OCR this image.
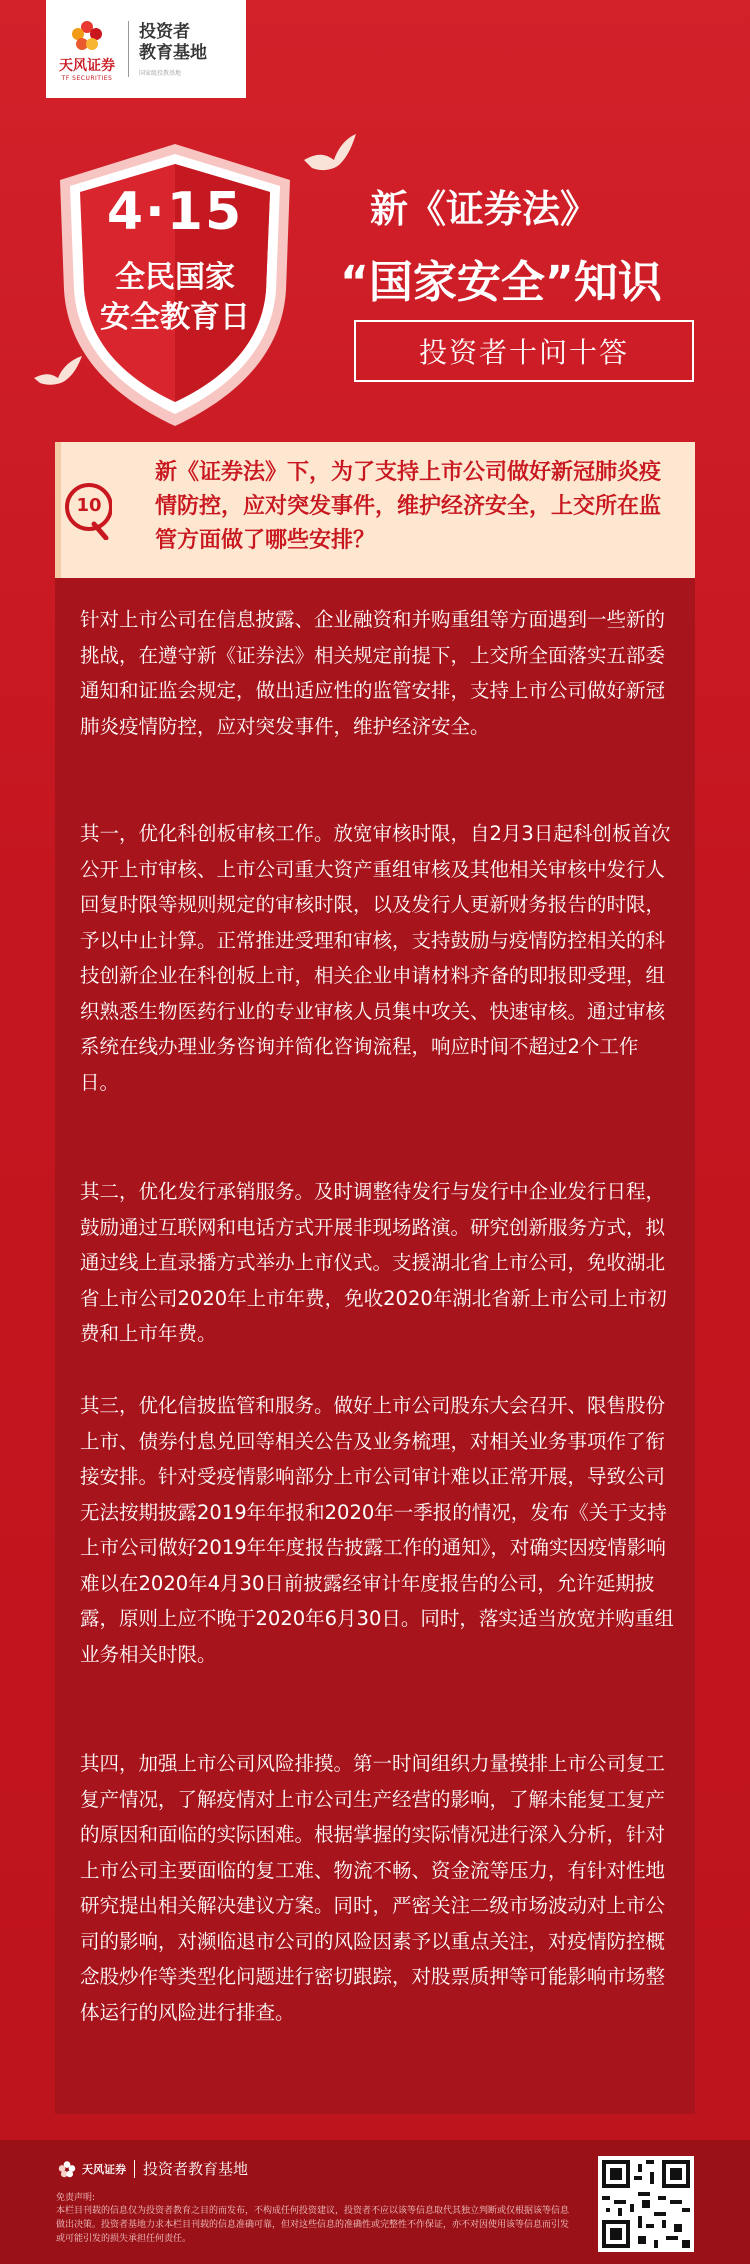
天风证券
TF SECURITIES
投资者
教育基地
国家级投教基地
4·15
全民国家
安全教育日
新《证券法》
“国家安全”知识
投资者十问十答
10
新《证券法》下，为了支持上市公司做好新冠肺炎疫情防控，应对突发事件，维护经济安全，上交所在监管方面做了哪些安排？
针对上市公司在信息披露、企业融资和并购重组等方面遇到一些新的挑战，在遵守新《证券法》相关规定前提下，上交所全面落实五部委通知和证监会规定，做出适应性的监管安排，支持上市公司做好新冠肺炎疫情防控，应对突发事件，维护经济安全。
其一，优化科创板审核工作。放宽审核时限，自2月3日起科创板首次公开上市审核、上市公司重大资产重组审核及其他相关审核中发行人回复时限等规则规定的审核时限，以及发行人更新财务报告的时限，予以中止计算。正常推进受理和审核，支持鼓励与疫情防控相关的科技创新企业在科创板上市，相关企业申请材料齐备的即报即受理，组织熟悉生物医药行业的专业审核人员集中攻关、快速审核。通过审核系统在线办理业务咨询并简化咨询流程，响应时间不超过2个工作日。
其二，优化发行承销服务。及时调整待发行与发行中企业发行日程，鼓励通过互联网和电话方式开展非现场路演。研究创新服务方式，拟通过线上直录播方式举办上市仪式。支援湖北省上市公司，免收湖北省上市公司2020年上市年费，免收2020年湖北省新上市公司上市初费和上市年费。
其三，优化信披监管和服务。做好上市公司股东大会召开、限售股份上市、债券付息兑回等相关公告及业务梳理，对相关业务事项作了衔接安排。针对受疫情影响部分上市公司审计难以正常开展，导致公司无法按期披露2019年年报和2020年一季报的情况，发布《关于支持上市公司做好2019年年度报告披露工作的通知》，对确实因疫情影响难以在2020年4月30日前披露经审计年度报告的公司，允许延期披露，原则上应不晚于2020年6月30日。同时，落实适当放宽并购重组业务相关时限。
其四，加强上市公司风险排摸。第一时间组织力量摸排上市公司复工复产情况，了解疫情对上市公司生产经营的影响，了解未能复工复产的原因和面临的实际困难。根据掌握的实际情况进行深入分析，针对上市公司主要面临的复工难、物流不畅、资金流等压力，有针对性地研究提出相关解决建议方案。同时，严密关注二级市场波动对上市公司的影响，对濒临退市公司的风险因素予以重点关注，对疫情防控概念股炒作等类型化问题进行密切跟踪，对股票质押等可能影响市场整体运行的风险进行排查。
天风证券 投资者教育基地
免责声明:
本栏目刊载的信息仅为投资者教育之目的而发布，不构成任何投资建议，投资者不应以该等信息取代其独立判断或仅根据该等信息做出决策。投资者基地力求本栏目刊载的信息准确可靠，但对这些信息的准确性或完整性不作保证，亦不对因使用该等信息而引发或可能引发的损失承担任何责任。
